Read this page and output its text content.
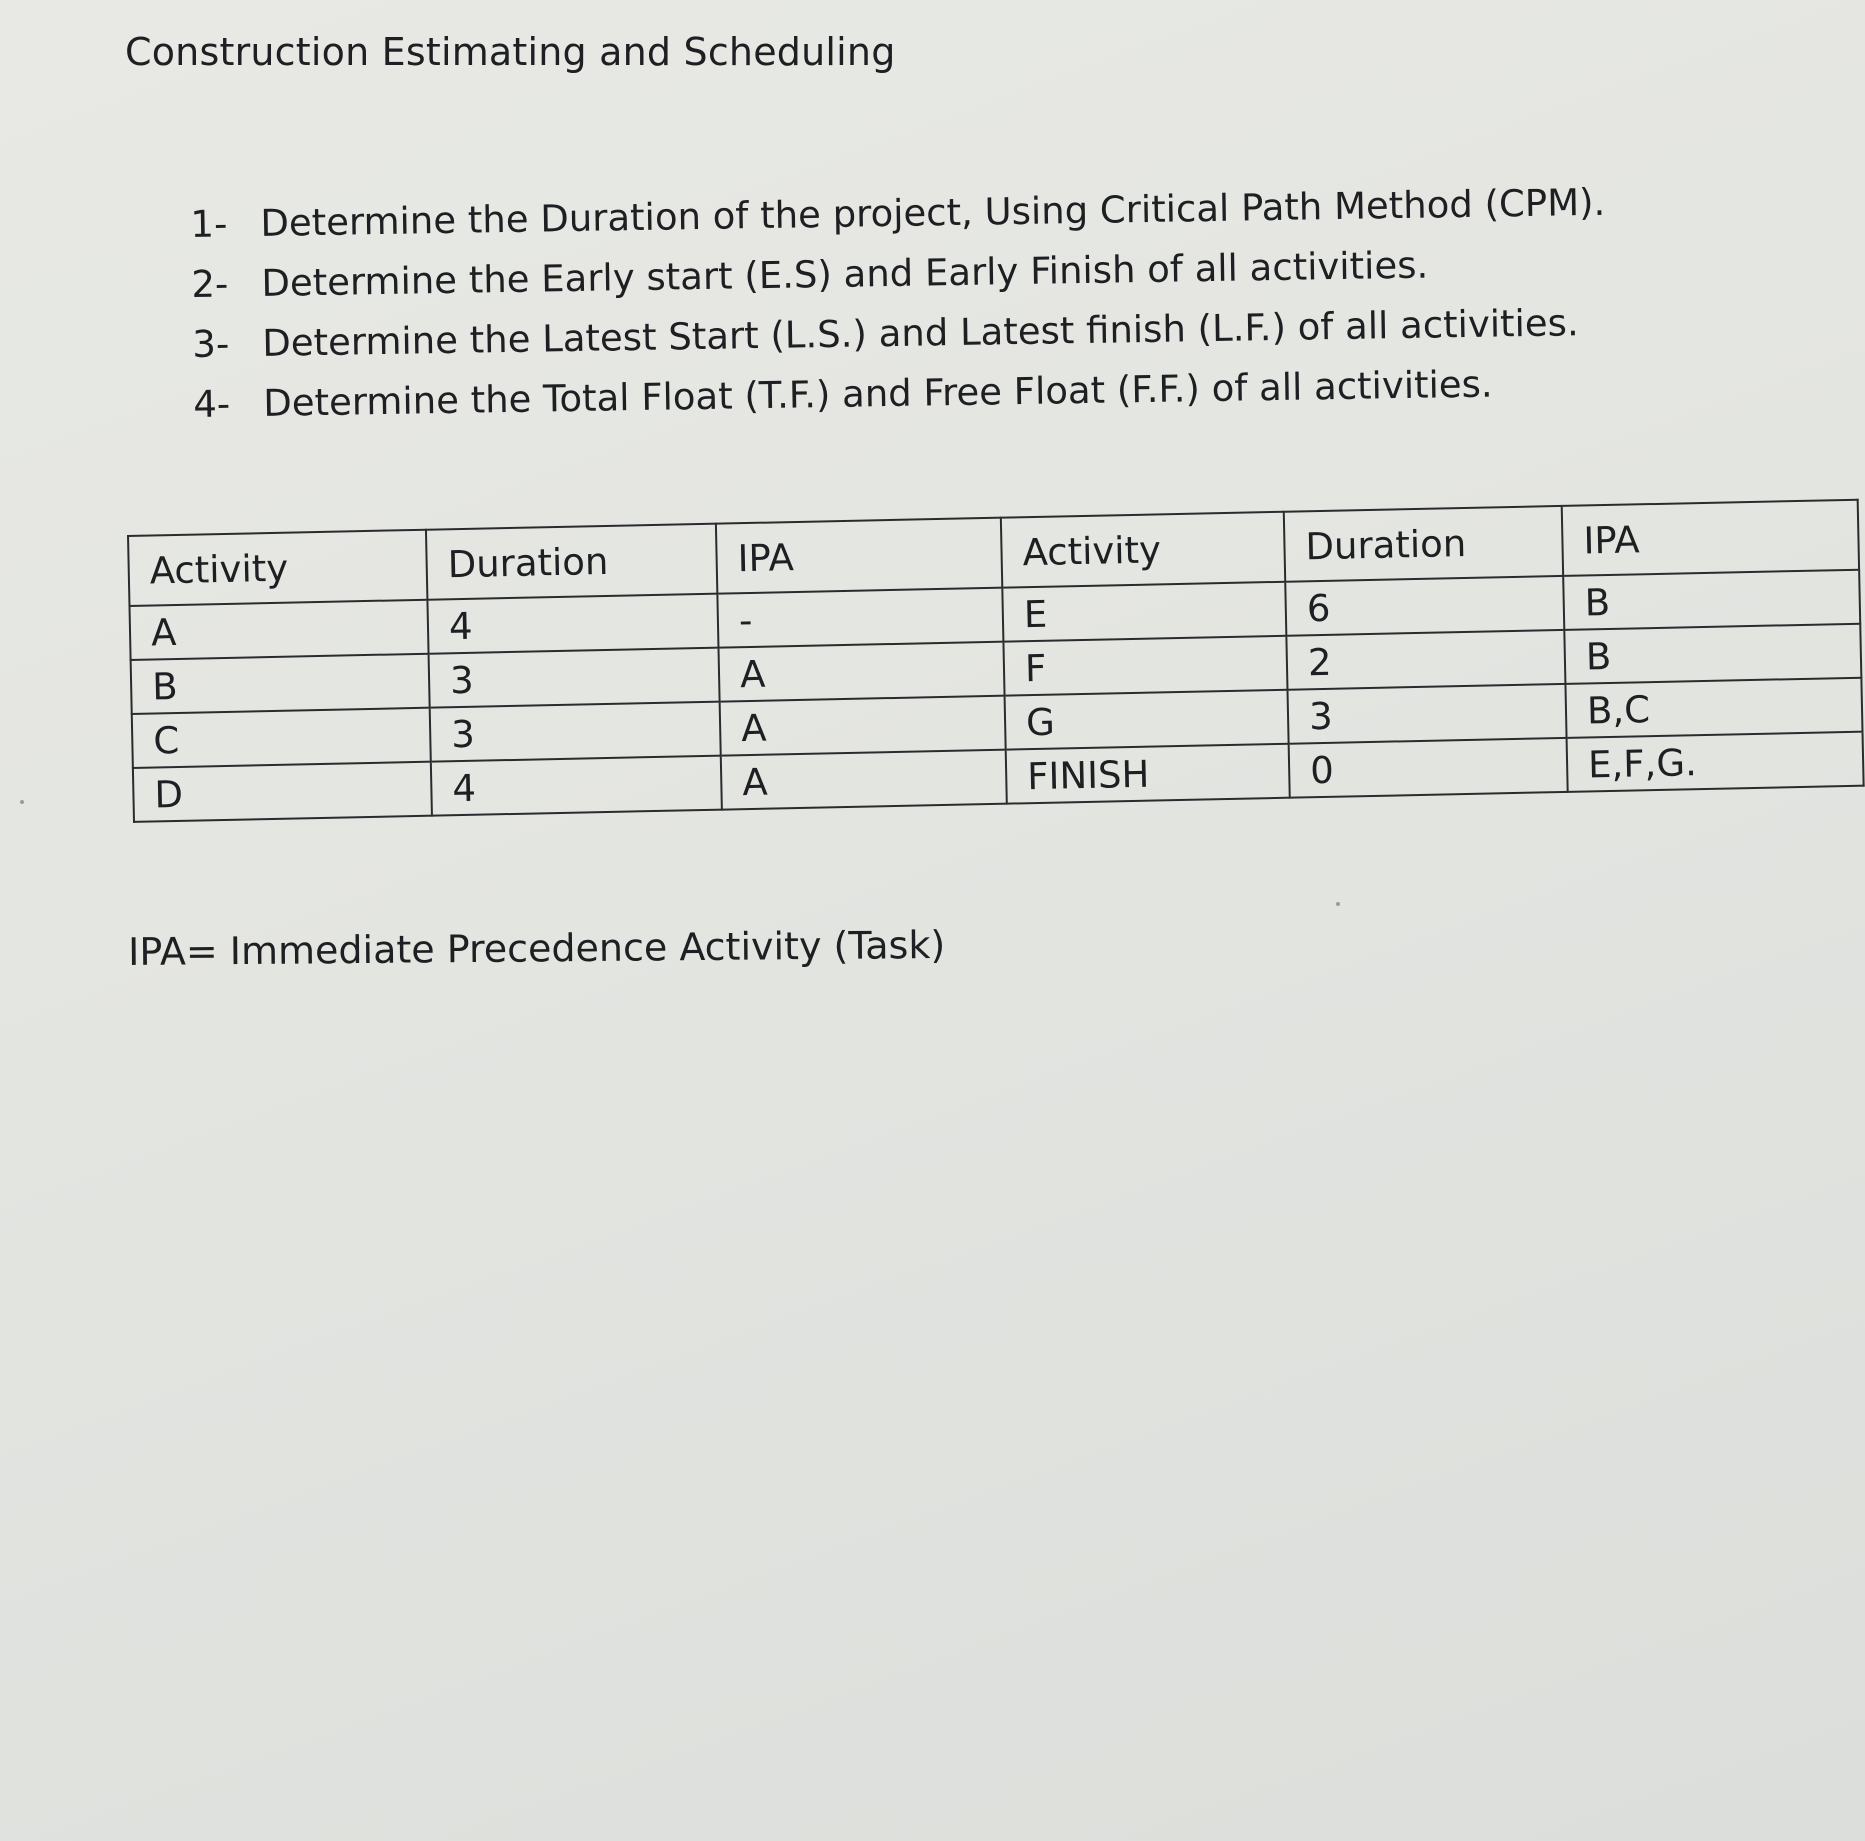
Construction Estimating and Scheduling
1- Determine the Duration of the project, Using Critical Path Method (CPM).
2- Determine the Early start (E.S) and Early Finish of all activities.
3- Determine the Latest Start (L.S.) and Latest finish (L.F.) of all activities.
4- Determine the Total Float (T.F.) and Free Float (F.F.) of all activities.
Activity	Duration	IPA	Activity	Duration	IPA
A	4	-	E	6	B
B	3	A	F	2	B
C	3	A	G	3	B,C
D	4	A	FINISH	0	E,F,G.

IPA= Immediate Precedence Activity (Task)
